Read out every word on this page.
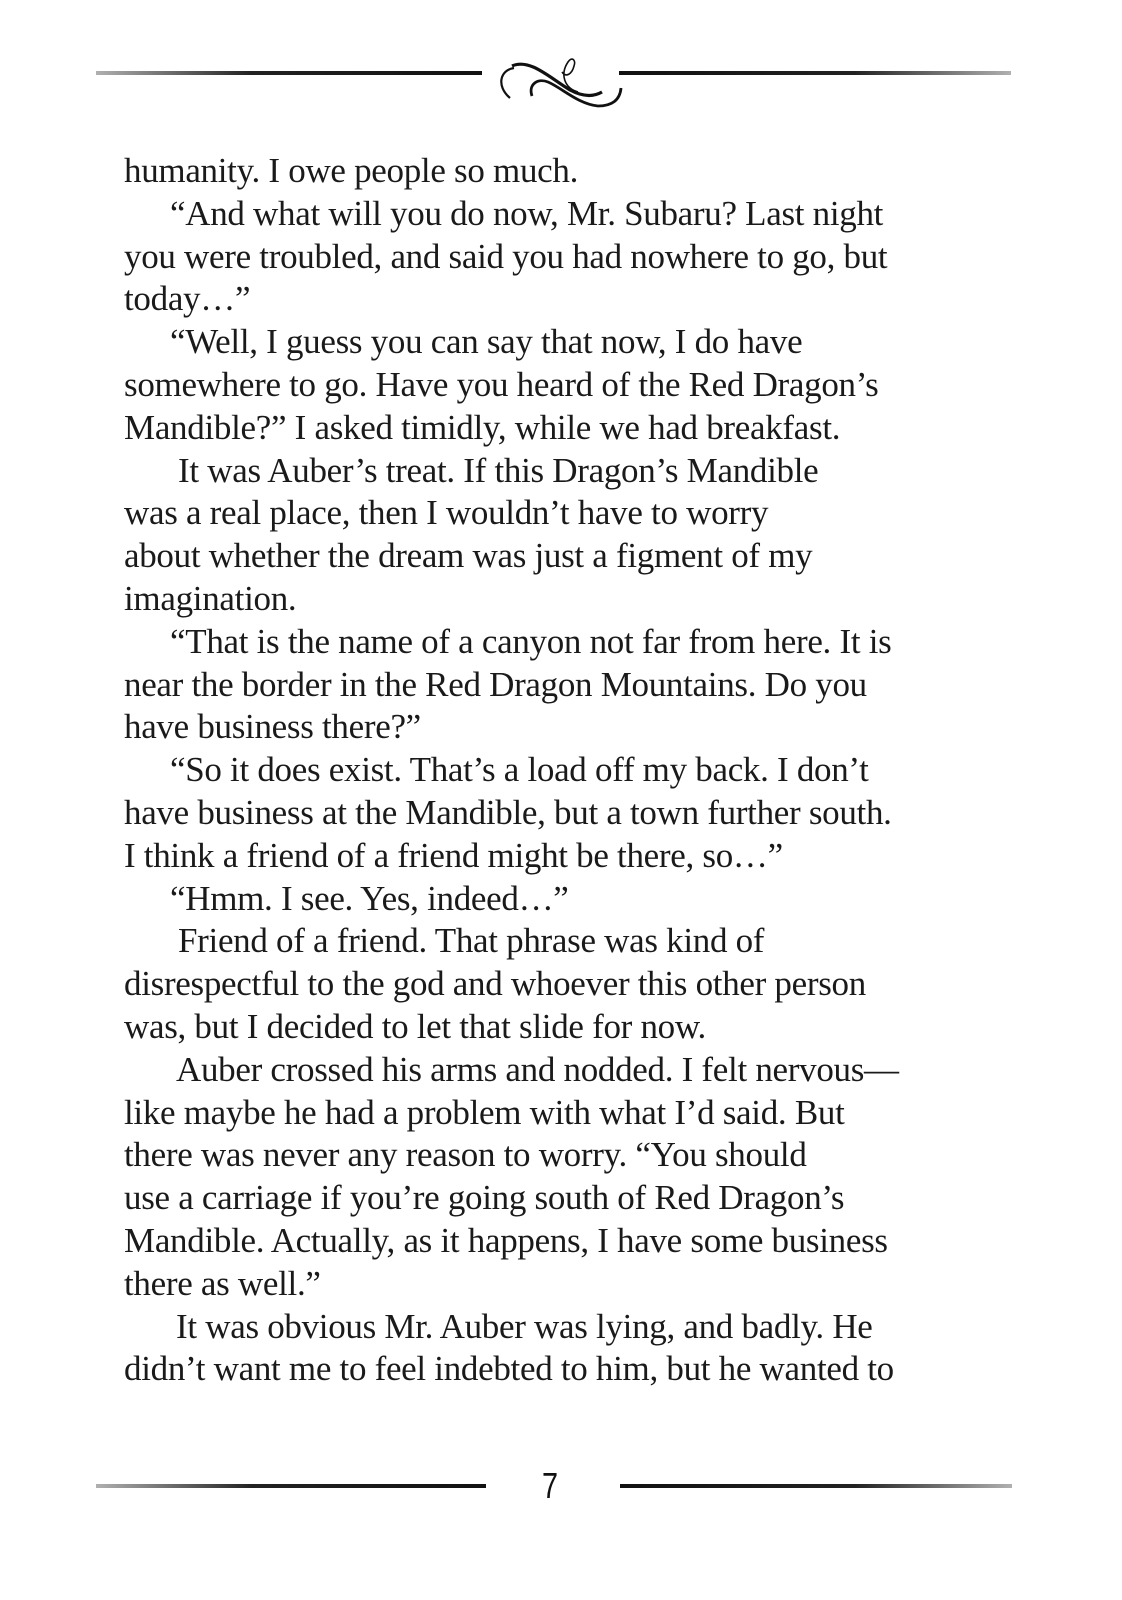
humanity. I owe people so much.
“And what will you do now, Mr. Subaru? Last night
you were troubled, and said you had nowhere to go, but
today…”
“Well, I guess you can say that now, I do have
somewhere to go. Have you heard of the Red Dragon’s
Mandible?” I asked timidly, while we had breakfast.
It was Auber’s treat. If this Dragon’s Mandible
was a real place, then I wouldn’t have to worry
about whether the dream was just a figment of my
imagination.
“That is the name of a canyon not far from here. It is
near the border in the Red Dragon Mountains. Do you
have business there?”
“So it does exist. That’s a load off my back. I don’t
have business at the Mandible, but a town further south.
I think a friend of a friend might be there, so…”
“Hmm. I see. Yes, indeed…”
Friend of a friend. That phrase was kind of
disrespectful to the god and whoever this other person
was, but I decided to let that slide for now.
Auber crossed his arms and nodded. I felt nervous—
like maybe he had a problem with what I’d said. But
there was never any reason to worry. “You should
use a carriage if you’re going south of Red Dragon’s
Mandible. Actually, as it happens, I have some business
there as well.”
It was obvious Mr. Auber was lying, and badly. He
didn’t want me to feel indebted to him, but he wanted to
7
